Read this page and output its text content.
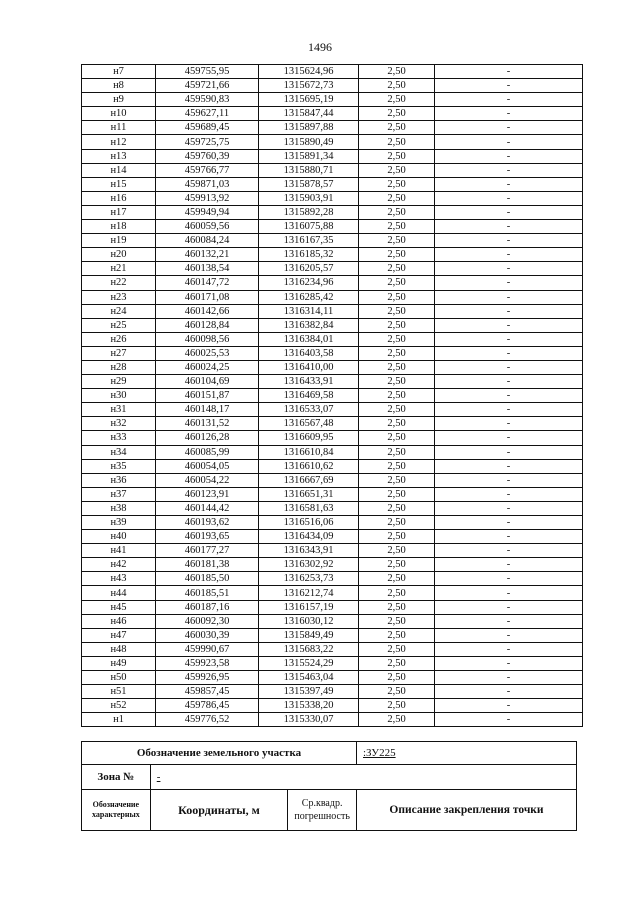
1496
н7	459755,95	1315624,96	2,50	-
н8	459721,66	1315672,73	2,50	-
н9	459590,83	1315695,19	2,50	-
н10	459627,11	1315847,44	2,50	-
н11	459689,45	1315897,88	2,50	-
н12	459725,75	1315890,49	2,50	-
н13	459760,39	1315891,34	2,50	-
н14	459766,77	1315880,71	2,50	-
н15	459871,03	1315878,57	2,50	-
н16	459913,92	1315903,91	2,50	-
н17	459949,94	1315892,28	2,50	-
н18	460059,56	1316075,88	2,50	-
н19	460084,24	1316167,35	2,50	-
н20	460132,21	1316185,32	2,50	-
н21	460138,54	1316205,57	2,50	-
н22	460147,72	1316234,96	2,50	-
н23	460171,08	1316285,42	2,50	-
н24	460142,66	1316314,11	2,50	-
н25	460128,84	1316382,84	2,50	-
н26	460098,56	1316384,01	2,50	-
н27	460025,53	1316403,58	2,50	-
н28	460024,25	1316410,00	2,50	-
н29	460104,69	1316433,91	2,50	-
н30	460151,87	1316469,58	2,50	-
н31	460148,17	1316533,07	2,50	-
н32	460131,52	1316567,48	2,50	-
н33	460126,28	1316609,95	2,50	-
н34	460085,99	1316610,84	2,50	-
н35	460054,05	1316610,62	2,50	-
н36	460054,22	1316667,69	2,50	-
н37	460123,91	1316651,31	2,50	-
н38	460144,42	1316581,63	2,50	-
н39	460193,62	1316516,06	2,50	-
н40	460193,65	1316434,09	2,50	-
н41	460177,27	1316343,91	2,50	-
н42	460181,38	1316302,92	2,50	-
н43	460185,50	1316253,73	2,50	-
н44	460185,51	1316212,74	2,50	-
н45	460187,16	1316157,19	2,50	-
н46	460092,30	1316030,12	2,50	-
н47	460030,39	1315849,49	2,50	-
н48	459990,67	1315683,22	2,50	-
н49	459923,58	1315524,29	2,50	-
н50	459926,95	1315463,04	2,50	-
н51	459857,45	1315397,49	2,50	-
н52	459786,45	1315338,20	2,50	-
н1	459776,52	1315330,07	2,50	-
Обозначение земельного участка			:ЗУ225
Зона №	-		
Обозначение характерных	Координаты, м	Ср.квадр. погрешность	Описание закрепления точки
